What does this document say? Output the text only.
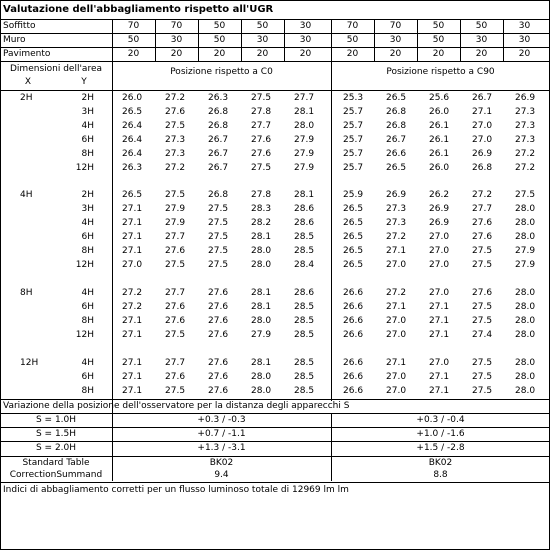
Valutazione dell'abbagliamento rispetto all'UGR
Soffitto	70	70	50	50	30	70	70	50	50	30
Muro	50	30	50	30	30	50	30	50	30	30
Pavimento	20	20	20	20	20	20	20	20	20	20
Dimensioni dell'area
X	Y
Posizione rispetto a C0	Posizione rispetto a C90
2H	2H	26.0	27.2	26.3	27.5	27.7	25.3	26.5	25.6	26.7	26.9
3H	26.5	27.6	26.8	27.8	28.1	25.7	26.8	26.0	27.1	27.3
4H	26.4	27.5	26.8	27.7	28.0	25.7	26.8	26.1	27.0	27.3
6H	26.4	27.3	26.7	27.6	27.9	25.7	26.7	26.1	27.0	27.3
8H	26.4	27.3	26.7	27.6	27.9	25.7	26.6	26.1	26.9	27.2
12H	26.3	27.2	26.7	27.5	27.9	25.7	26.5	26.0	26.8	27.2
4H	2H	26.5	27.5	26.8	27.8	28.1	25.9	26.9	26.2	27.2	27.5
3H	27.1	27.9	27.5	28.3	28.6	26.5	27.3	26.9	27.7	28.0
4H	27.1	27.9	27.5	28.2	28.6	26.5	27.3	26.9	27.6	28.0
6H	27.1	27.7	27.5	28.1	28.5	26.5	27.2	27.0	27.6	28.0
8H	27.1	27.6	27.5	28.0	28.5	26.5	27.1	27.0	27.5	27.9
12H	27.0	27.5	27.5	28.0	28.4	26.5	27.0	27.0	27.5	27.9
8H	4H	27.2	27.7	27.6	28.1	28.6	26.6	27.2	27.0	27.6	28.0
6H	27.2	27.6	27.6	28.1	28.5	26.6	27.1	27.1	27.5	28.0
8H	27.1	27.6	27.6	28.0	28.5	26.6	27.0	27.1	27.5	28.0
12H	27.1	27.5	27.6	27.9	28.5	26.6	27.0	27.1	27.4	28.0
12H	4H	27.1	27.7	27.6	28.1	28.5	26.6	27.1	27.0	27.5	28.0
6H	27.1	27.6	27.6	28.0	28.5	26.6	27.0	27.1	27.5	28.0
8H	27.1	27.5	27.6	28.0	28.5	26.6	27.0	27.1	27.5	28.0
Variazione della posizione dell'osservatore per la distanza degli apparecchi S
S = 1.0H	+0.3 / -0.3	+0.3 / -0.4
S = 1.5H	+0.7 / -1.1	+1.0 / -1.6
S = 2.0H	+1.3 / -3.1	+1.5 / -2.8
Standard Table	BK02	BK02
CorrectionSummand	9.4	8.8
Indici di abbagliamento corretti per un flusso luminoso totale di 12969 lm lm
